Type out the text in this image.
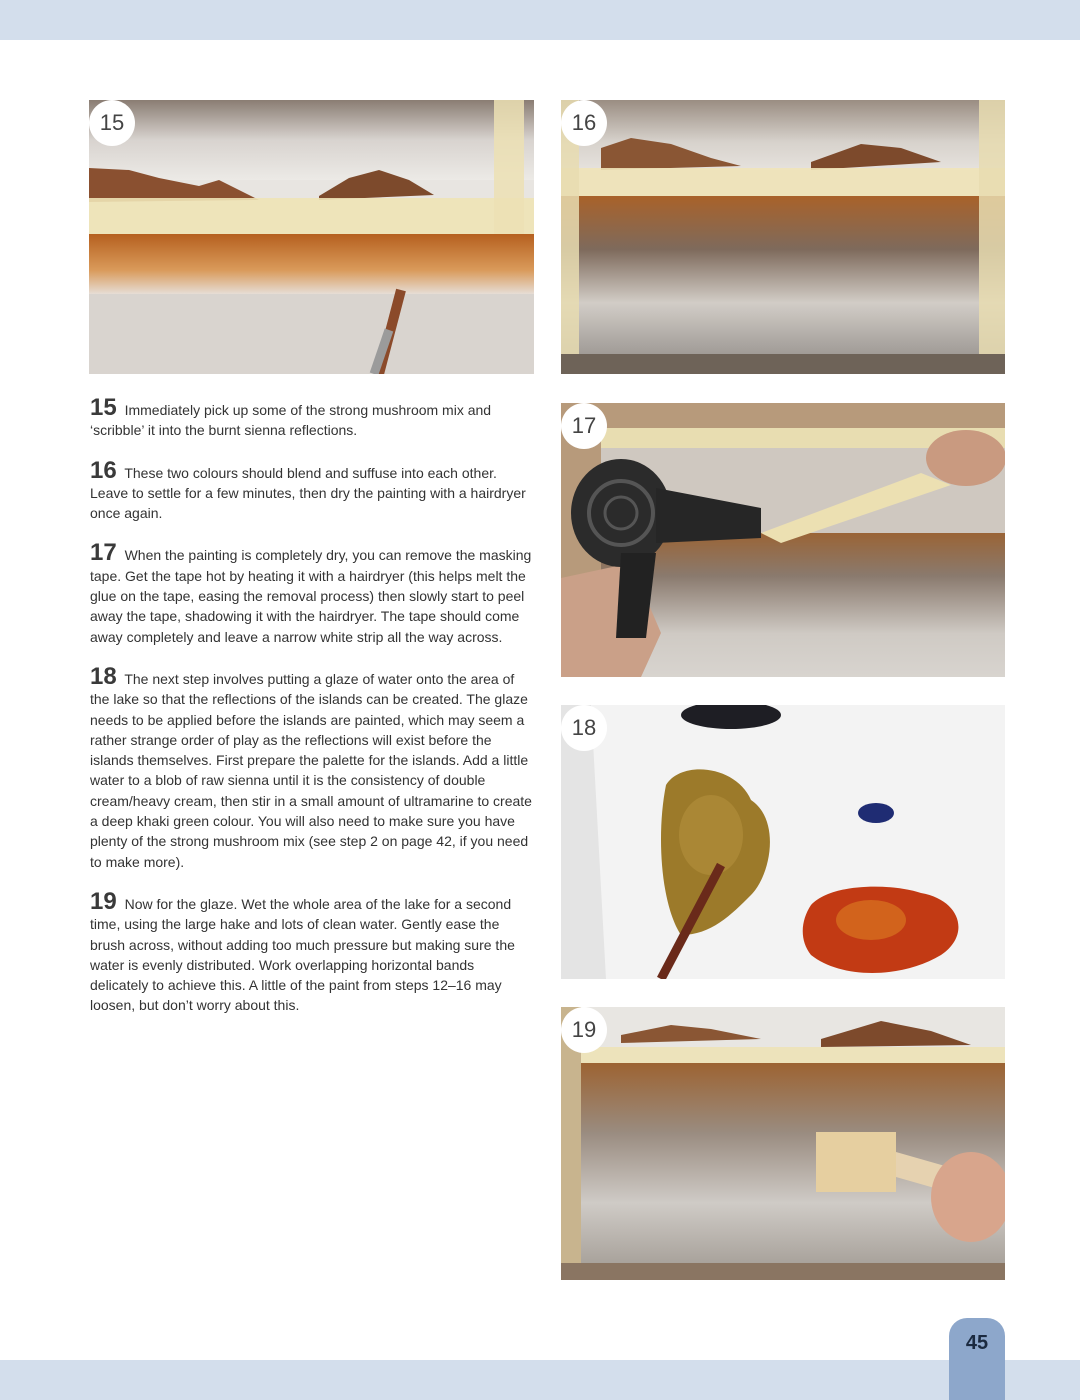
15	16
17
18
19

15 Immediately pick up some of the strong mushroom mix and ‘scribble’ it into the burnt sienna reflections.

16 These two colours should blend and suffuse into each other. Leave to settle for a few minutes, then dry the painting with a hairdryer once again.

17 When the painting is completely dry, you can remove the masking tape. Get the tape hot by heating it with a hairdryer (this helps melt the glue on the tape, easing the removal process) then slowly start to peel away the tape, shadowing it with the hairdryer. The tape should come away completely and leave a narrow white strip all the way across.

18 The next step involves putting a glaze of water onto the area of the lake so that the reflections of the islands can be created. The glaze needs to be applied before the islands are painted, which may seem a rather strange order of play as the reflections will exist before the islands themselves. First prepare the palette for the islands. Add a little water to a blob of raw sienna until it is the consistency of double cream/heavy cream, then stir in a small amount of ultramarine to create a deep khaki green colour. You will also need to make sure you have plenty of the strong mushroom mix (see step 2 on page 42, if you need to make more).

19 Now for the glaze. Wet the whole area of the lake for a second time, using the large hake and lots of clean water. Gently ease the brush across, without adding too much pressure but making sure the water is evenly distributed. Work overlapping horizontal bands delicately to achieve this. A little of the paint from steps 12–16 may loosen, but don’t worry about this.

45
